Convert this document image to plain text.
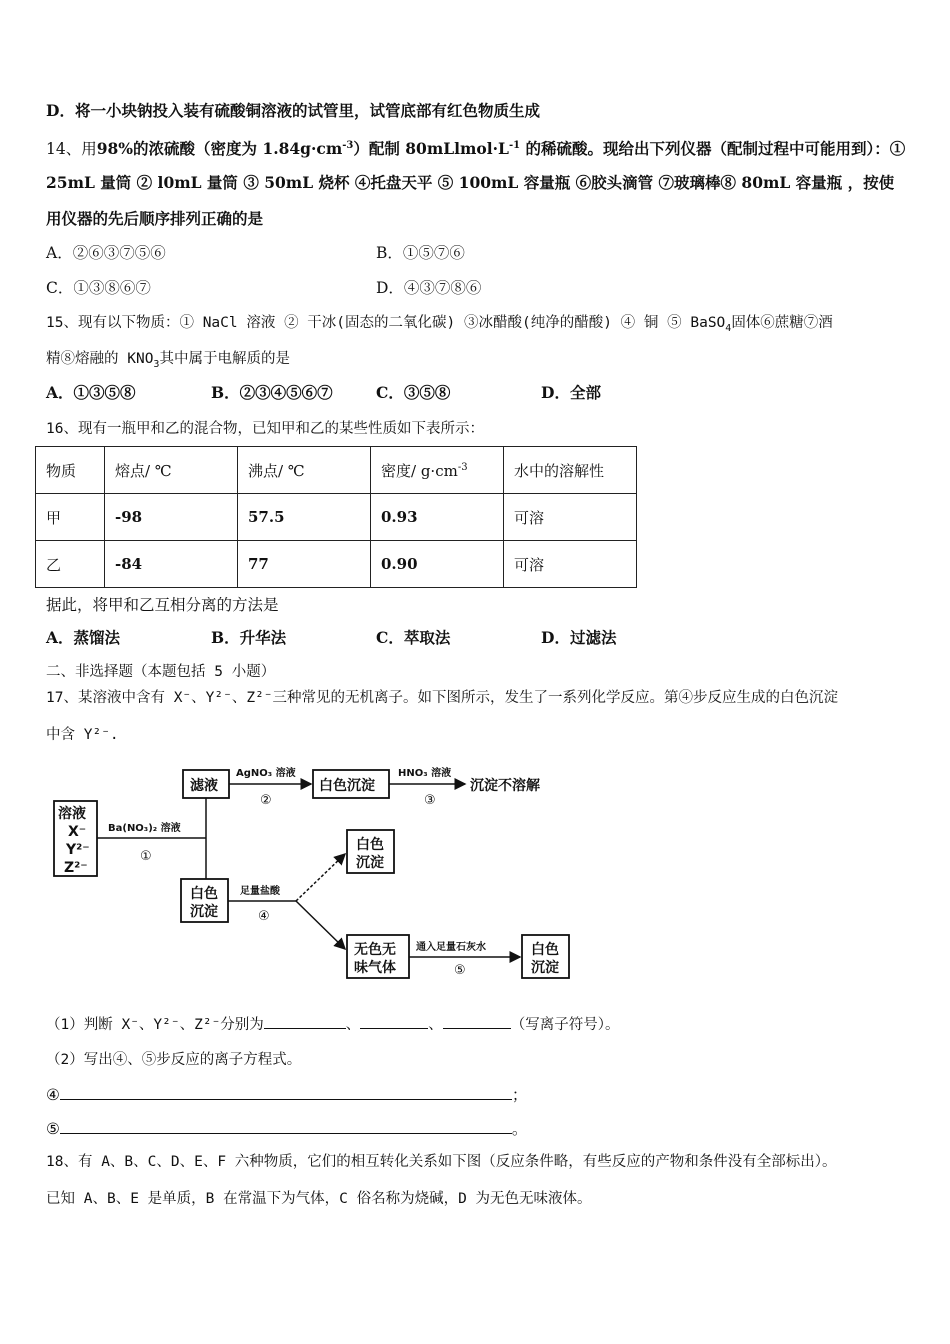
D．将一小块钠投入装有硫酸铜溶液的试管里，试管底部有红色物质生成
14、用98%的浓硫酸（密度为 $1.84g\cdot cm^{-3}$）配制 $80mLlmol\cdot L^{-1}$ 的稀硫酸。现给出下列仪器（配制过程中可能用到）：①
25mL 量筒 ② l0mL 量筒 ③ 50mL 烧杯 ④托盘天平 ⑤ 100mL 容量瓶 ⑥胶头滴管 ⑦玻璃棒⑧ 80mL 容量瓶 ，按使
用仪器的先后顺序排列正确的是
A．②⑥③⑦⑤⑥	B．①⑤⑦⑥
C．①③⑧⑥⑦	D．④③⑦⑧⑥
15、现有以下物质：① NaCl 溶液 ② 干冰(固态的二氧化碳) ③冰醋酸(纯净的醋酸) ④ 铜 ⑤ BaSO$_4$固体⑥蔗糖⑦酒
精⑧熔融的 $KNO_3$其中属于电解质的是
A．①③⑤⑧	B．②③④⑤⑥⑦	C．③⑤⑧	D．全部
16、现有一瓶甲和乙的混合物，已知甲和乙的某些性质如下表所示：
物质	熔点/ ℃	沸点/ ℃	密度/ $g\cdot cm^{-3}$	水中的溶解性
甲	-98	57.5	0.93	可溶
乙	-84	77	0.90	可溶
据此，将甲和乙互相分离的方法是
A．蒸馏法	B．升华法	C．萃取法	D．过滤法
二、非选择题（本题包括 5 小题）
17、某溶液中含有 X⁻、Y²⁻、Z²⁻三种常见的无机离子。如下图所示，发生了一系列化学反应。第④步反应生成的白色沉淀
中含 Y²⁻.
溶液
X⁻
Y²⁻
Z²⁻
滤液	白色沉淀	沉淀不溶解
白色
沉淀
白色
沉淀
无色无
味气体
白色
沉淀
Ba(NO₃)₂ 溶液
AgNO₃ 溶液	HNO₃ 溶液
足量盐酸
通入足量石灰水
①
②	③
④
⑤
（1）判断 X⁻、Y²⁻、Z²⁻分别为	、	、	（写离子符号）。
（2）写出④、⑤步反应的离子方程式。
④	；
⑤	。
18、有 A、B、C、D、E、F 六种物质，它们的相互转化关系如下图（反应条件略，有些反应的产物和条件没有全部标出）。
已知 A、B、E 是单质，B 在常温下为气体，C 俗名称为烧碱，D 为无色无味液体。
